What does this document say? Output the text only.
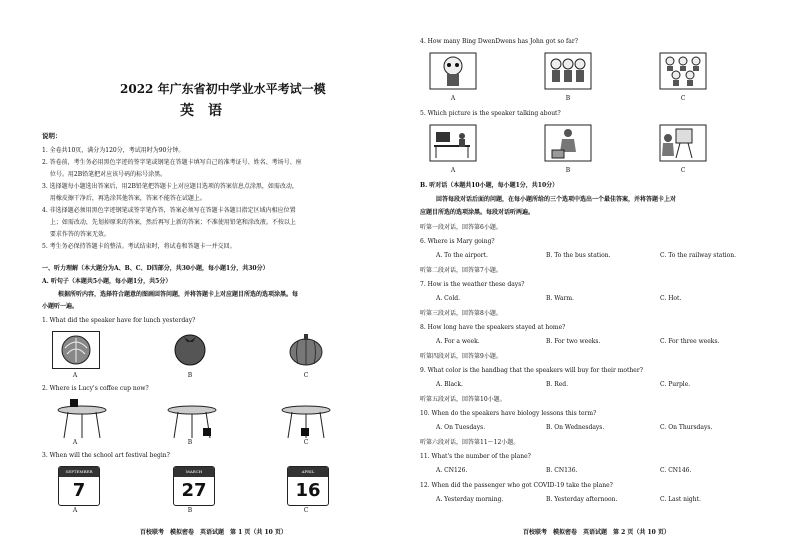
2022 年广东省初中学业水平考试一模
英　语
说明：
1. 全卷共10页，满分为120分，考试用时为90分钟。
2. 答卷前，考生务必用黑色字迹的签字笔或钢笔在答题卡填写自己的准考证号、姓名、考场号、座
　 位号。用2B铅笔把对应该号码的标号涂黑。
3. 选择题每小题选出答案后，用2B铅笔把答题卡上对应题目选项的答案信息点涂黑，如需改动，
　 用橡皮擦干净后，再选涂其他答案，答案不能答在试题上。
4. 非选择题必须用黑色字迹钢笔或签字笔作答，答案必须写在答题卡各题目指定区域内相应位置
　 上；如需改动，先划掉原来的答案，然后再写上新的答案；不准使用铅笔和涂改液。不按以上
　 要求作答的答案无效。
5. 考生务必保持答题卡的整洁。考试结束时，将试卷和答题卡一并交回。
一、听力理解（本大题分为A、B、C、D四部分，共30小题，每小题1分，共30分）
A. 听句子（本题共5小题，每小题1分，共5分）
根据所听内容，选择符合题意的图画回答问题，并将答题卡上对应题目所选的选项涂黑。每
小题听一遍。
1. What did the speaker have for lunch yesterday?
A	B	C
2. Where is Lucy's coffee cup now?
A	B	C
3. When will the school art festival begin?
SEPTEMBER
7
MARCH
27
APRIL
16
A	B	C
百校联考　模拟密卷　英语试题　第 1 页（共 10 页）
4. How many Bing DwenDwens has John got so far?
A	B	C
5. Which picture is the speaker talking about?
A	B	C
B. 听对话（本题共10小题，每小题1分，共10分）
回答每段对话后面的问题，在每小题所给的三个选项中选出一个最佳答案，并将答题卡上对
应题目所选的选项涂黑。每段对话听两遍。
听第一段对话，回答第6小题。
6. Where is Mary going?
A. To the airport.	B. To the bus station.	C. To the railway station.
听第二段对话，回答第7小题。
7. How is the weather these days?
A. Cold.	B. Warm.	C. Hot.
听第三段对话，回答第8小题。
8. How long have the speakers stayed at home?
A. For a week.	B. For two weeks.	C. For three weeks.
听第四段对话，回答第9小题。
9. What color is the handbag that the speakers will buy for their mother?
A. Black.	B. Red.	C. Purple.
听第五段对话，回答第10小题。
10. When do the speakers have biology lessons this term?
A. On Tuesdays.	B. On Wednesdays.	C. On Thursdays.
听第六段对话，回答第11～12小题。
11. What's the number of the plane?
A. CN126.	B. CN136.	C. CN146.
12. When did the passenger who got COVID-19 take the plane?
A. Yesterday morning.	B. Yesterday afternoon.	C. Last night.
百校联考　模拟密卷　英语试题　第 2 页（共 10 页）
